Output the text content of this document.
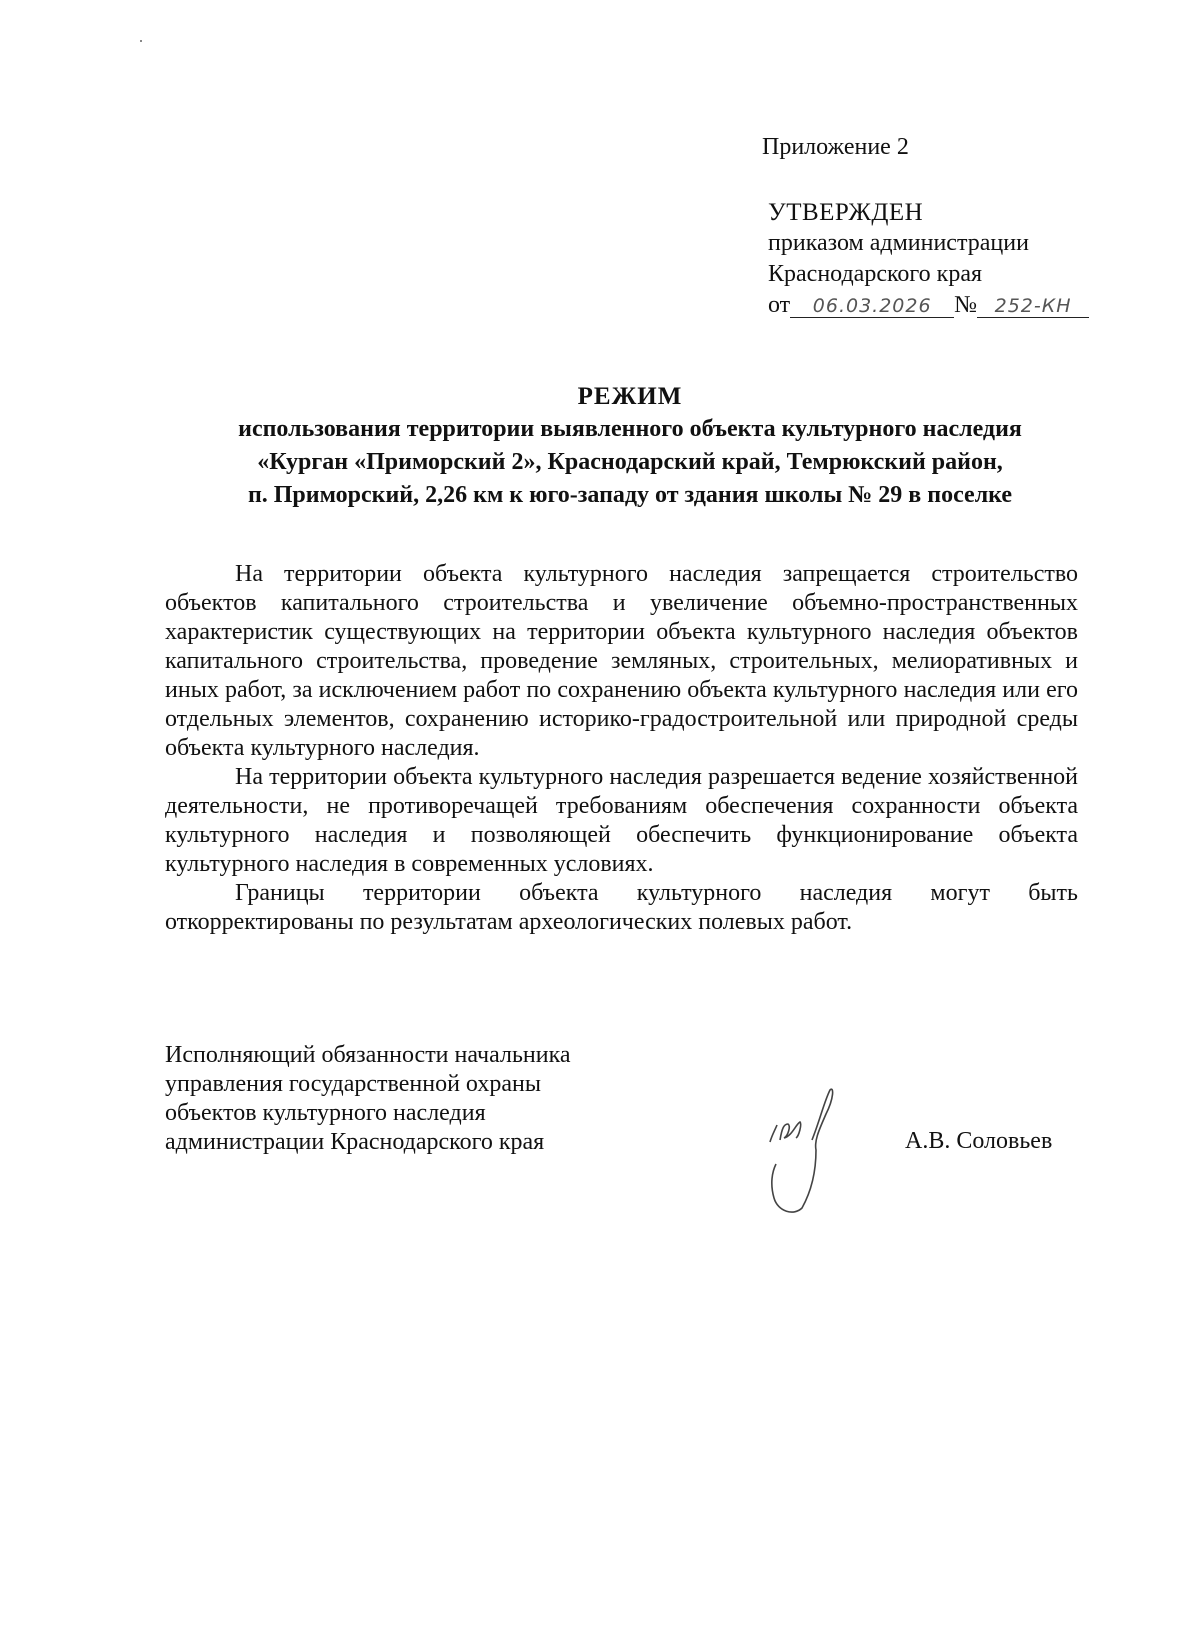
Приложение 2
УТВЕРЖДЕН
приказом администрации
Краснодарского края
от 06.03.2026 № 252-КН
РЕЖИМ
использования территории выявленного объекта культурного наследия
«Курган «Приморский 2», Краснодарский край, Темрюкский район,
п. Приморский, 2,26 км к юго-западу от здания школы № 29 в поселке

На территории объекта культурного наследия запрещается строительство объектов капитального строительства и увеличение объемно-пространственных характеристик существующих на территории объекта культурного наследия объектов капитального строительства, проведение земляных, строительных, мелиоративных и иных работ, за исключением работ по сохранению объекта культурного наследия или его отдельных элементов, сохранению историко-градостроительной или природной среды объекта культурного наследия.

На территории объекта культурного наследия разрешается ведение хозяйственной деятельности, не противоречащей требованиям обеспечения сохранности объекта культурного наследия и позволяющей обеспечить функционирование объекта культурного наследия в современных условиях.

Границы территории объекта культурного наследия могут быть откорректированы по результатам археологических полевых работ.

Исполняющий обязанности начальника
управления государственной охраны
объектов культурного наследия
администрации Краснодарского края	А.В. Соловьев
